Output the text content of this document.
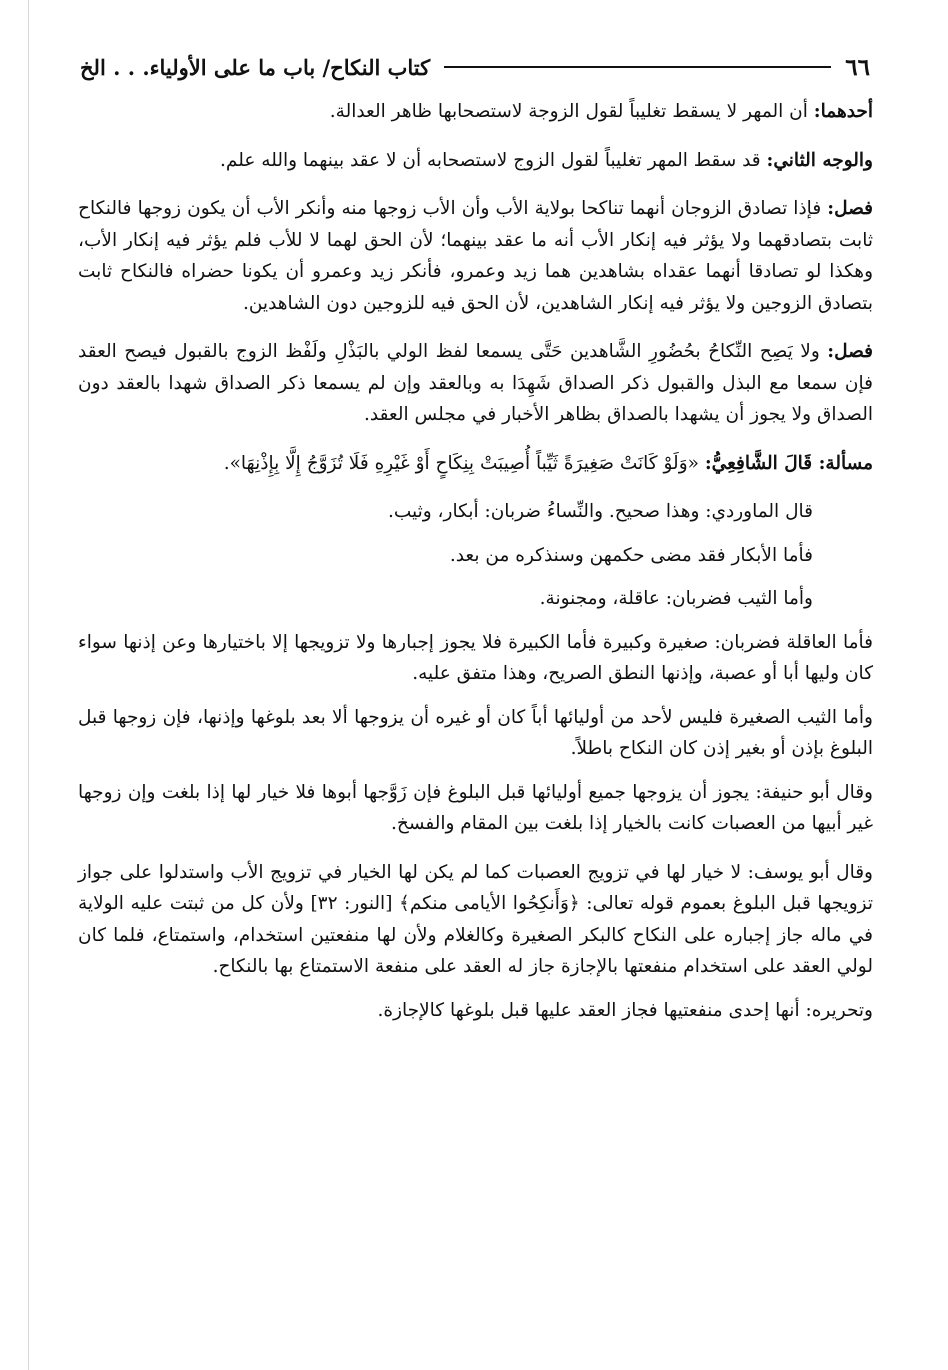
٦٦
كتاب النكاح/ باب ما على الأولياء. . . الخ

أحدهما: أن المهر لا يسقط تغليباً لقول الزوجة لاستصحابها ظاهر العدالة.

والوجه الثاني: قد سقط المهر تغليباً لقول الزوج لاستصحابه أن لا عقد بينهما والله علم.

فصل: فإذا تصادق الزوجان أنهما تناكحا بولاية الأب وأن الأب زوجها منه وأنكر الأب أن يكون زوجها فالنكاح ثابت بتصادقهما ولا يؤثر فيه إنكار الأب أنه ما عقد بينهما؛ لأن الحق لهما لا للأب فلم يؤثر فيه إنكار الأب، وهكذا لو تصادقا أنهما عقداه بشاهدين هما زيد وعمرو، فأنكر زيد وعمرو أن يكونا حضراه فالنكاح ثابت بتصادق الزوجين ولا يؤثر فيه إنكار الشاهدين، لأن الحق فيه للزوجين دون الشاهدين.

فصل: ولا يَصِح النِّكاحُ بحُضُورِ الشَّاهدين حَتَّى يسمعا لفظ الولي بالبَذْلِ ولَفْظ الزوج بالقبول فيصح العقد فإن سمعا مع البذل والقبول ذكر الصداق شَهِدَا به وبالعقد وإن لم يسمعا ذكر الصداق شهدا بالعقد دون الصداق ولا يجوز أن يشهدا بالصداق بظاهر الأخبار في مجلس العقد.

مسألة: قَالَ الشَّافِعِيُّ: «وَلَوْ كَانَتْ صَغِيرَةً ثَيِّباً أُصِيبَتْ بِنِكَاحٍ أَوْ غَيْرِهِ فَلَا تُزَوَّجُ إِلَّا بِإِذْنِهَا».

قال الماوردي: وهذا صحيح. والنِّساءُ ضربان: أبكار، وثيب.

فأما الأبكار فقد مضى حكمهن وسنذكره من بعد.

وأما الثيب فضربان: عاقلة، ومجنونة.

فأما العاقلة فضربان: صغيرة وكبيرة فأما الكبيرة فلا يجوز إجبارها ولا تزويجها إلا باختيارها وعن إذنها سواء كان وليها أبا أو عصبة، وإذنها النطق الصريح، وهذا متفق عليه.

وأما الثيب الصغيرة فليس لأحد من أوليائها أباً كان أو غيره أن يزوجها ألا بعد بلوغها وإذنها، فإن زوجها قبل البلوغ بإذن أو بغير إذن كان النكاح باطلاً.

وقال أبو حنيفة: يجوز أن يزوجها جميع أوليائها قبل البلوغ فإن زَوَّجها أبوها فلا خيار لها إذا بلغت وإن زوجها غير أبيها من العصبات كانت بالخيار إذا بلغت بين المقام والفسخ.

وقال أبو يوسف: لا خيار لها في تزويج العصبات كما لم يكن لها الخيار في تزويج الأب واستدلوا على جواز تزويجها قبل البلوغ بعموم قوله تعالى: ﴿وَأَنكِحُوا الأيامى منكم﴾ [النور: ٣٢] ولأن كل من ثبتت عليه الولاية في ماله جاز إجباره على النكاح كالبكر الصغيرة وكالغلام ولأن لها منفعتين استخدام، واستمتاع، فلما كان لولي العقد على استخدام منفعتها بالإجازة جاز له العقد على منفعة الاستمتاع بها بالنكاح.

وتحريره: أنها إحدى منفعتيها فجاز العقد عليها قبل بلوغها كالإجازة.
